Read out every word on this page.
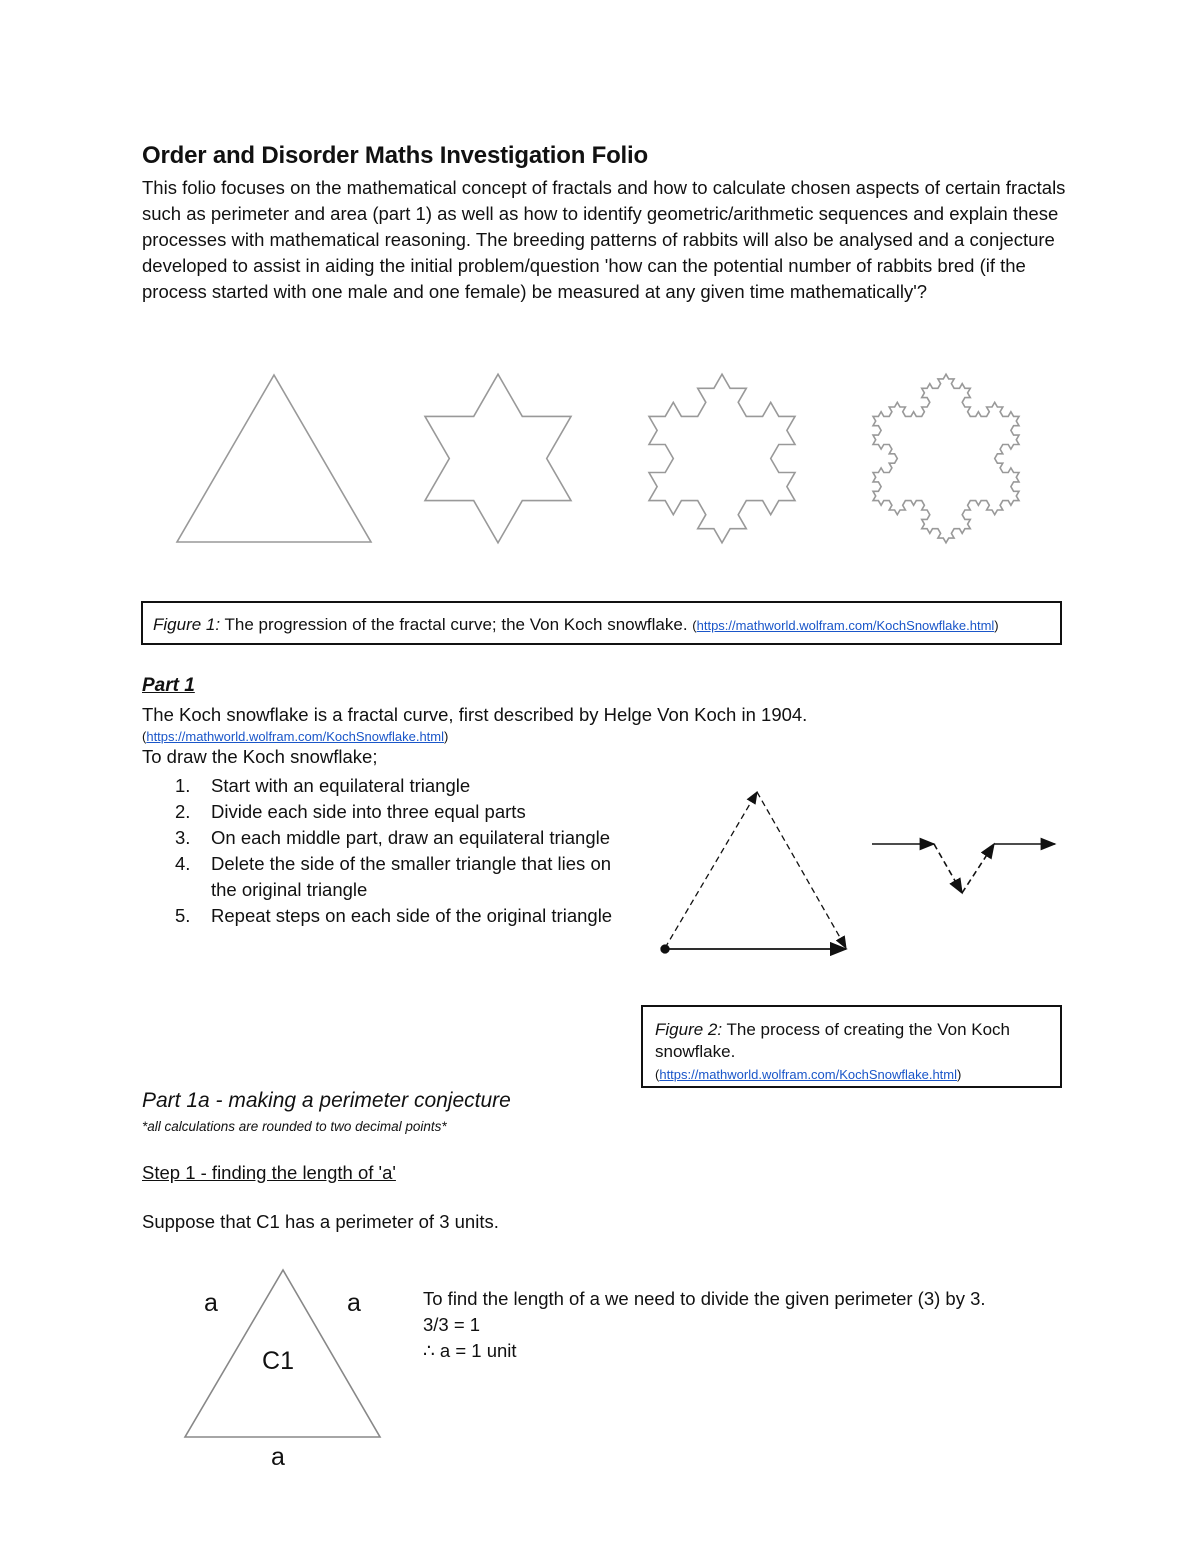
Order and Disorder Maths Investigation Folio
This folio focuses on the mathematical concept of fractals and how to calculate chosen aspects of certain fractals such as perimeter and area (part 1) as well as how to identify geometric/arithmetic sequences and explain these processes with mathematical reasoning. The breeding patterns of rabbits will also be analysed and a conjecture developed to assist in aiding the initial problem/question 'how can the potential number of rabbits bred (if the process started with one male and one female) be measured at any given time mathematically'?
Figure 1: The progression of the fractal curve; the Von Koch snowflake. (https://mathworld.wolfram.com/KochSnowflake.html)
Part 1
The Koch snowflake is a fractal curve, first described by Helge Von Koch in 1904.
(https://mathworld.wolfram.com/KochSnowflake.html)
To draw the Koch snowflake;
1. Start with an equilateral triangle
2. Divide each side into three equal parts
3. On each middle part, draw an equilateral triangle
4. Delete the side of the smaller triangle that lies on the original triangle
5. Repeat steps on each side of the original triangle
Figure 2: The process of creating the Von Koch snowflake.
(https://mathworld.wolfram.com/KochSnowflake.html)
Part 1a - making a perimeter conjecture
*all calculations are rounded to two decimal points*
Step 1 - finding the length of 'a'
Suppose that C1 has a perimeter of 3 units.
a	a
C1
a
To find the length of a we need to divide the given perimeter (3) by 3.
3/3 = 1
∴ a = 1 unit
